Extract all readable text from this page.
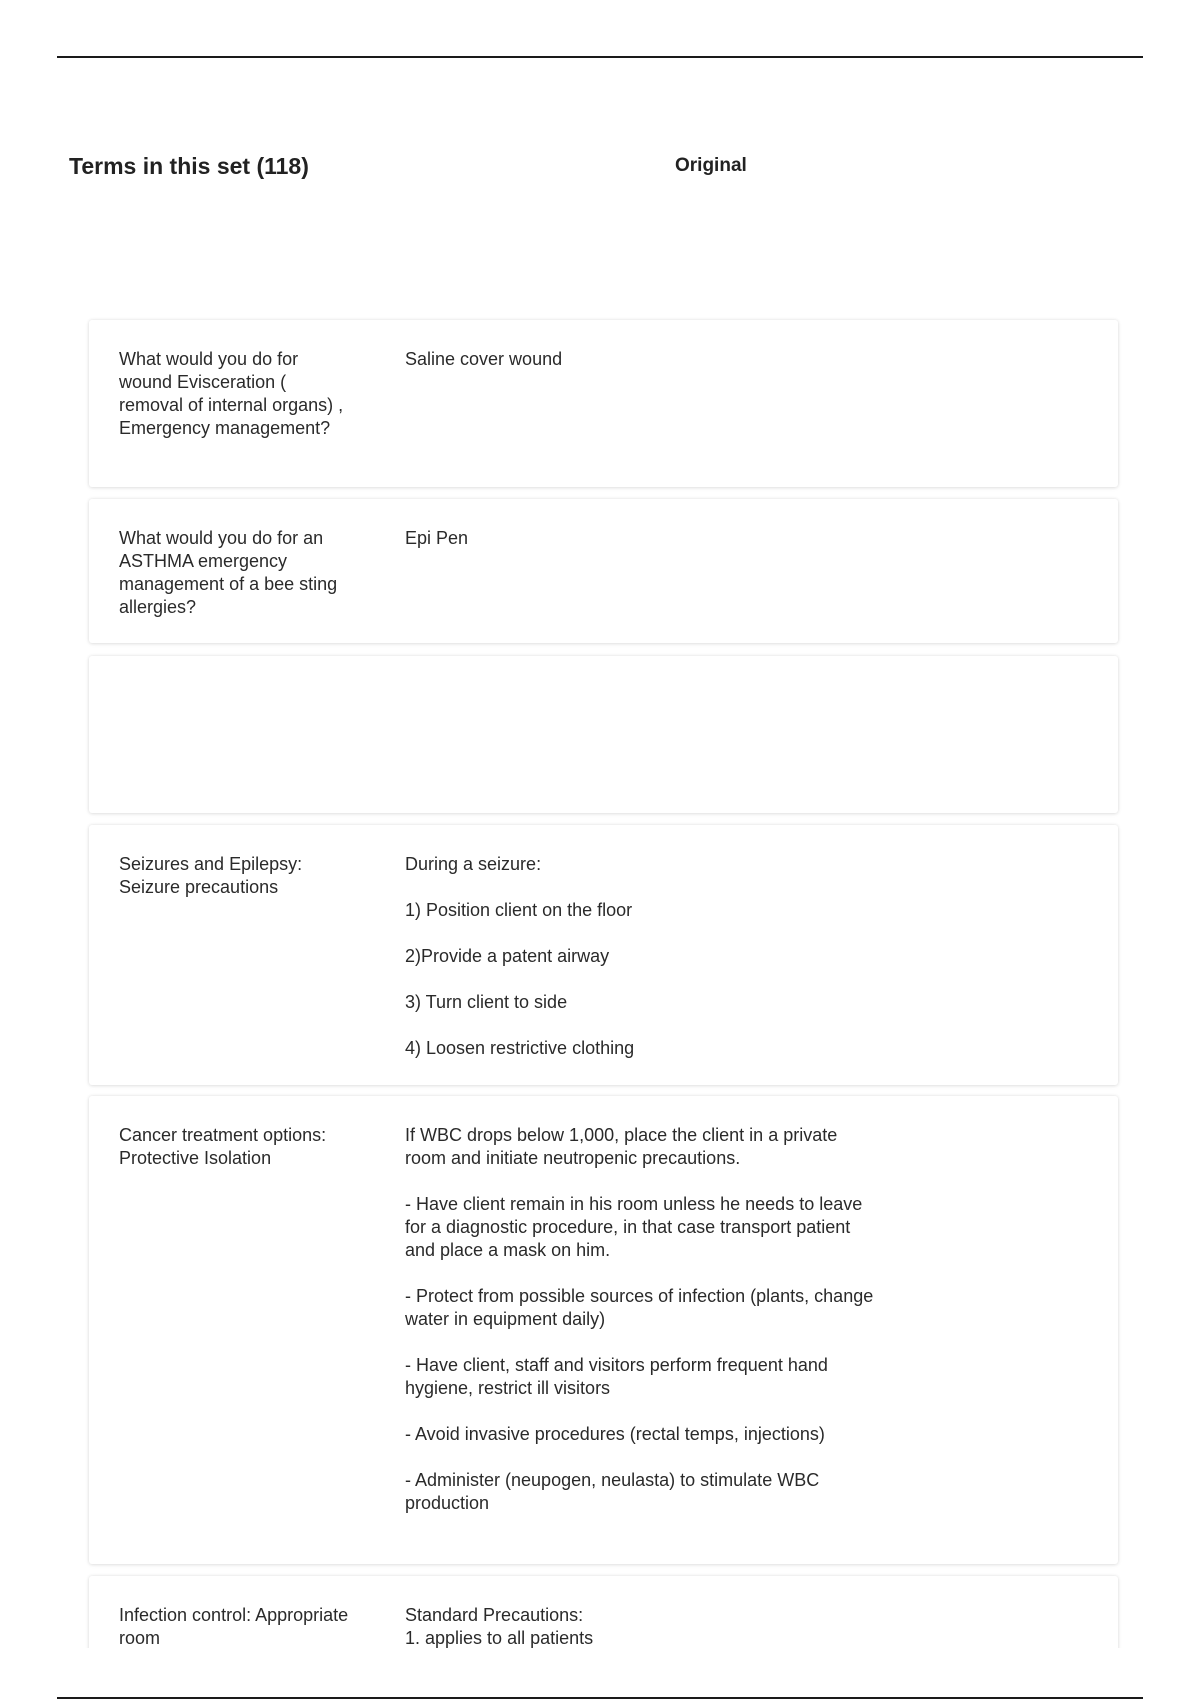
Terms in this set (118)	Original
What would you do for wound Evisceration ( removal of internal organs) , Emergency management?

Saline cover wound

What would you do for an ASTHMA emergency management of a bee sting allergies?

Epi Pen

Seizures and Epilepsy: Seizure precautions

During a seizure:

1) Position client on the floor

2)Provide a patent airway

3) Turn client to side

4) Loosen restrictive clothing

Cancer treatment options: Protective Isolation

If WBC drops below 1,000, place the client in a private room and initiate neutropenic precautions.

- Have client remain in his room unless he needs to leave for a diagnostic procedure, in that case transport patient and place a mask on him.

- Protect from possible sources of infection (plants, change water in equipment daily)

- Have client, staff and visitors perform frequent hand hygiene, restrict ill visitors

- Avoid invasive procedures (rectal temps, injections)

- Administer (neupogen, neulasta) to stimulate WBC production

Infection control: Appropriate room

Standard Precautions:

1. applies to all patients
